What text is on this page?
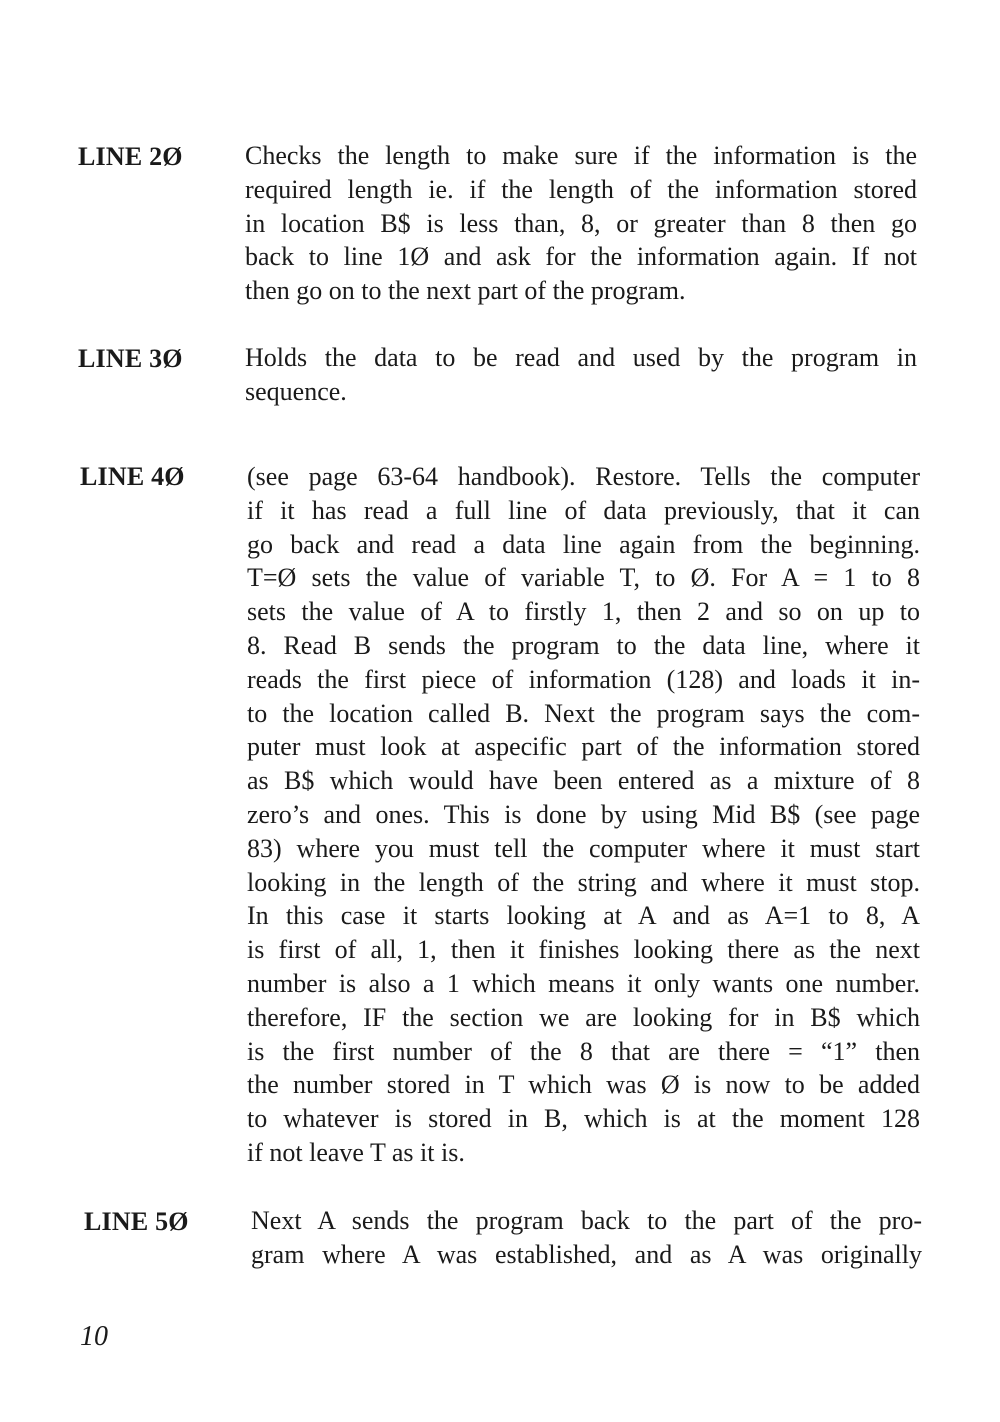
LINE 2Ø Checks the length to make sure if the information is the
required length ie. if the length of the information stored
in location B$ is less than, 8, or greater than 8 then go
back to line 1Ø and ask for the information again. If not
then go on to the next part of the program.
LINE 3Ø Holds the data to be read and used by the program in
sequence.
LINE 4Ø (see page 63-64 handbook). Restore. Tells the computer
if it has read a full line of data previously, that it can
go back and read a data line again from the beginning.
T=Ø sets the value of variable T, to Ø. For A = 1 to 8
sets the value of A to firstly 1, then 2 and so on up to
8. Read B sends the program to the data line, where it
reads the first piece of information (128) and loads it in-
to the location called B. Next the program says the com-
puter must look at aspecific part of the information stored
as B$ which would have been entered as a mixture of 8
zero’s and ones. This is done by using Mid B$ (see page
83) where you must tell the computer where it must start
looking in the length of the string and where it must stop.
In this case it starts looking at A and as A=1 to 8, A
is first of all, 1, then it finishes looking there as the next
number is also a 1 which means it only wants one number.
therefore, IF the section we are looking for in B$ which
is the first number of the 8 that are there = “1” then
the number stored in T which was Ø is now to be added
to whatever is stored in B, which is at the moment 128
if not leave T as it is.
LINE 5Ø Next A sends the program back to the part of the pro-
gram where A was established, and as A was originally
10
